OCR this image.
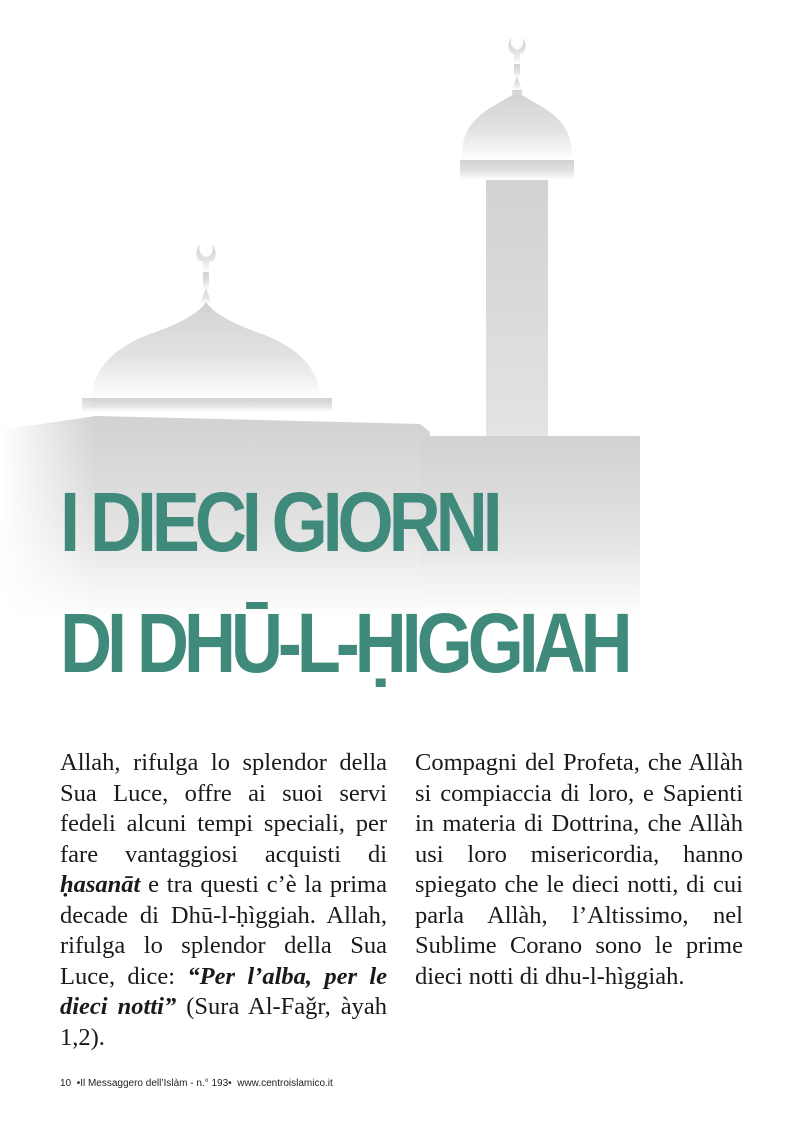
I DIECI GIORNI
DI DHŪ-L-ḤIGGIAH

Allah, rifulga lo splendor della Sua Luce, offre ai suoi servi fedeli alcuni tempi speciali, per fare vantaggiosi acquisti di ḥasanāt e tra questi c’è la prima decade di Dhū-l-ḥìggiah. Allah, rifulga lo splendor della Sua Luce, dice: “Per l’alba, per le dieci notti” (Sura Al-Faǧr, àyah 1,2).

Compagni del Profeta, che Allàh si compiaccia di loro, e Sapienti in materia di Dottrina, che Allàh usi loro misericordia, hanno spiegato che le dieci notti, di cui parla Allàh, l’Altissimo, nel Sublime Corano sono le prime dieci notti di dhu-l-hìggiah.

10 •Il Messaggero dell’Islàm - n.° 193• www.centroislamico.it
